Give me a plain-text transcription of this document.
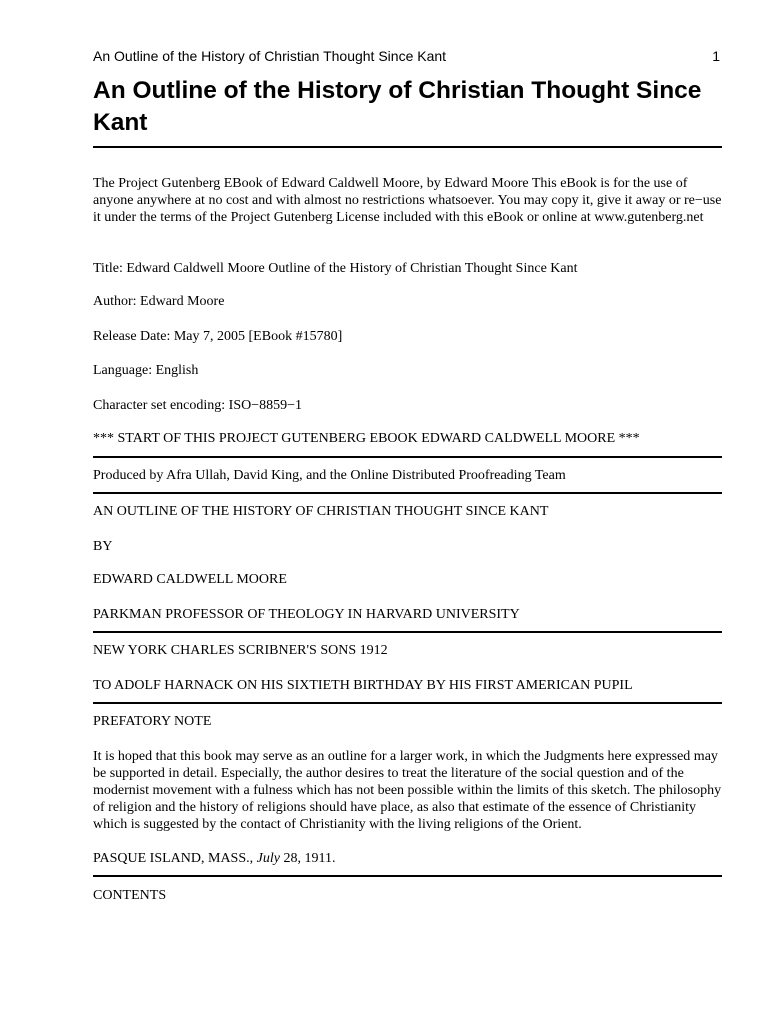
An Outline of the History of Christian Thought Since Kant	1
An Outline of the History of Christian Thought Since Kant

The Project Gutenberg EBook of Edward Caldwell Moore, by Edward Moore This eBook is for the use of anyone anywhere at no cost and with almost no restrictions whatsoever. You may copy it, give it away or re−use it under the terms of the Project Gutenberg License included with this eBook or online at www.gutenberg.net

Title: Edward Caldwell Moore Outline of the History of Christian Thought Since Kant

Author: Edward Moore

Release Date: May 7, 2005 [EBook #15780]

Language: English

Character set encoding: ISO−8859−1

*** START OF THIS PROJECT GUTENBERG EBOOK EDWARD CALDWELL MOORE ***

Produced by Afra Ullah, David King, and the Online Distributed Proofreading Team

AN OUTLINE OF THE HISTORY OF CHRISTIAN THOUGHT SINCE KANT

BY

EDWARD CALDWELL MOORE

PARKMAN PROFESSOR OF THEOLOGY IN HARVARD UNIVERSITY

NEW YORK CHARLES SCRIBNER'S SONS 1912

TO ADOLF HARNACK ON HIS SIXTIETH BIRTHDAY BY HIS FIRST AMERICAN PUPIL

PREFATORY NOTE

It is hoped that this book may serve as an outline for a larger work, in which the Judgments here expressed may be supported in detail. Especially, the author desires to treat the literature of the social question and of the modernist movement with a fulness which has not been possible within the limits of this sketch. The philosophy of religion and the history of religions should have place, as also that estimate of the essence of Christianity which is suggested by the contact of Christianity with the living religions of the Orient.

PASQUE ISLAND, MASS., July 28, 1911.

CONTENTS
